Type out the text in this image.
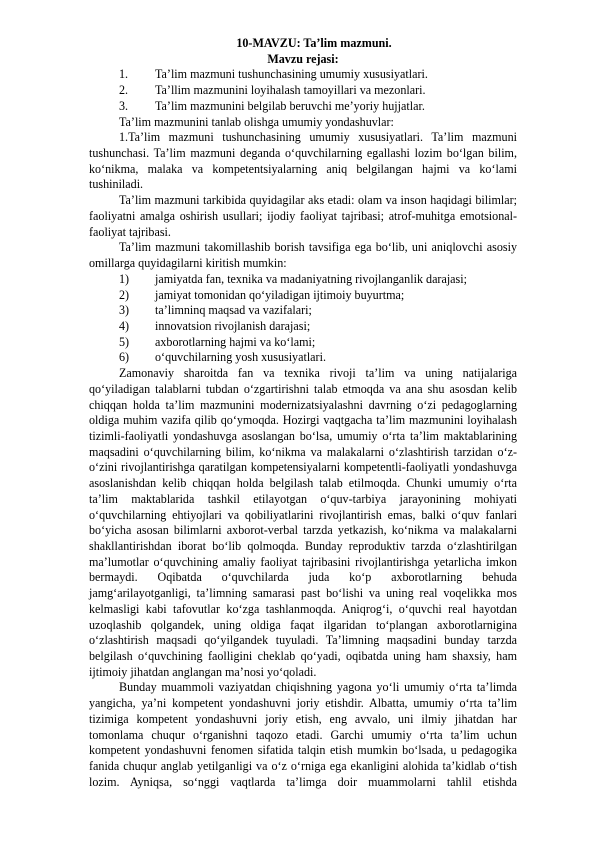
10-MAVZU: Ta’lim mazmuni.
Mavzu rejasi:
1.	Ta’lim mazmuni tushunchasining umumiy xususiyatlari.
2.	Ta’llim mazmunini loyihalash tamoyillari va mezonlari.
3.	Ta’lim mazmunini belgilab beruvchi me’yoriy hujjatlar.

Ta’lim mazmunini tanlab olishga umumiy yondashuvlar:

1.Ta’lim mazmuni tushunchasining umumiy xususiyatlari. Ta’lim mazmuni tushunchasi. Ta’lim mazmuni deganda o‘quvchilarning egallashi lozim bo‘lgan bilim, ko‘nikma, malaka va kompetentsiyalarning aniq belgilangan hajmi va ko‘lami tushiniladi.

Ta’lim mazmuni tarkibida quyidagilar aks etadi: olam va inson haqidagi bilimlar; faoliyatni amalga oshirish usullari; ijodiy faoliyat tajribasi; atrof-muhitga emotsional-faoliyat tajribasi.

Ta’lim mazmuni takomillashib borish tavsifiga ega bo‘lib, uni aniqlovchi asosiy omillarga quyidagilarni kiritish mumkin:

1)	jamiyatda fan, texnika va madaniyatning rivojlanganlik darajasi;
2)	jamiyat tomonidan qo‘yiladigan ijtimoiy buyurtma;
3)	ta’limninq maqsad va vazifalari;
4)	innovatsion rivojlanish darajasi;
5)	axborotlarning hajmi va ko‘lami;
6)	o‘quvchilarning yosh xususiyatlari.

Zamonaviy sharoitda fan va texnika rivoji ta’lim va uning natijalariga qo‘yiladigan talablarni tubdan o‘zgartirishni talab etmoqda va ana shu asosdan kelib chiqqan holda ta’lim mazmunini modernizatsiyalashni davrning o‘zi pedagoglarning oldiga muhim vazifa qilib qo‘ymoqda. Hozirgi vaqtgacha ta’lim mazmunini loyihalash tizimli-faoliyatli yondashuvga asoslangan bo‘lsa, umumiy o‘rta ta’lim maktablarining maqsadini o‘quvchilarning bilim, ko‘nikma va malakalarni o‘zlashtirish tarzidan o‘z-o‘zini rivojlantirishga qaratilgan kompetensiyalarni kompetentli-faoliyatli yondashuvga asoslanishdan kelib chiqqan holda belgilash talab etilmoqda. Chunki umumiy o‘rta ta’lim maktablarida tashkil etilayotgan o‘quv-tarbiya jarayonining mohiyati o‘quvchilarning ehtiyojlari va qobiliyatlarini rivojlantirish emas, balki o‘quv fanlari bo‘yicha asosan bilimlarni axborot-verbal tarzda yetkazish, ko‘nikma va malakalarni shakllantirishdan iborat bo‘lib qolmoqda. Bunday reproduktiv tarzda o‘zlashtirilgan ma’lumotlar o‘quvchining amaliy faoliyat tajribasini rivojlantirishga yetarlicha imkon bermaydi. Oqibatda o‘quvchilarda juda ko‘p axborotlarning behuda jamg‘arilayotganligi, ta’limning samarasi past bo‘lishi va uning real voqelikka mos kelmasligi kabi tafovutlar ko‘zga tashlanmoqda. Aniqrog‘i, o‘quvchi real hayotdan uzoqlashib qolgandek, uning oldiga faqat ilgaridan to‘plangan axborotlarnigina o‘zlashtirish maqsadi qo‘yilgandek tuyuladi. Ta’limning maqsadini bunday tarzda belgilash o‘quvchining faolligini cheklab qo‘yadi, oqibatda uning ham shaxsiy, ham ijtimoiy jihatdan anglangan ma’nosi yo‘qoladi.

Bunday muammoli vaziyatdan chiqishning yagona yo‘li umumiy o‘rta ta’limda yangicha, ya’ni kompetent yondashuvni joriy etishdir. Albatta, umumiy o‘rta ta’lim tizimiga kompetent yondashuvni joriy etish, eng avvalo, uni ilmiy jihatdan har tomonlama chuqur o‘rganishni taqozo etadi. Garchi umumiy o‘rta ta’lim uchun kompetent yondashuvni fenomen sifatida talqin etish mumkin bo‘lsada, u pedagogika fanida chuqur anglab yetilganligi va o‘z o‘rniga ega ekanligini alohida ta’kidlab o‘tish lozim. Ayniqsa, so‘nggi vaqtlarda ta’limga doir muammolarni tahlil etishda
